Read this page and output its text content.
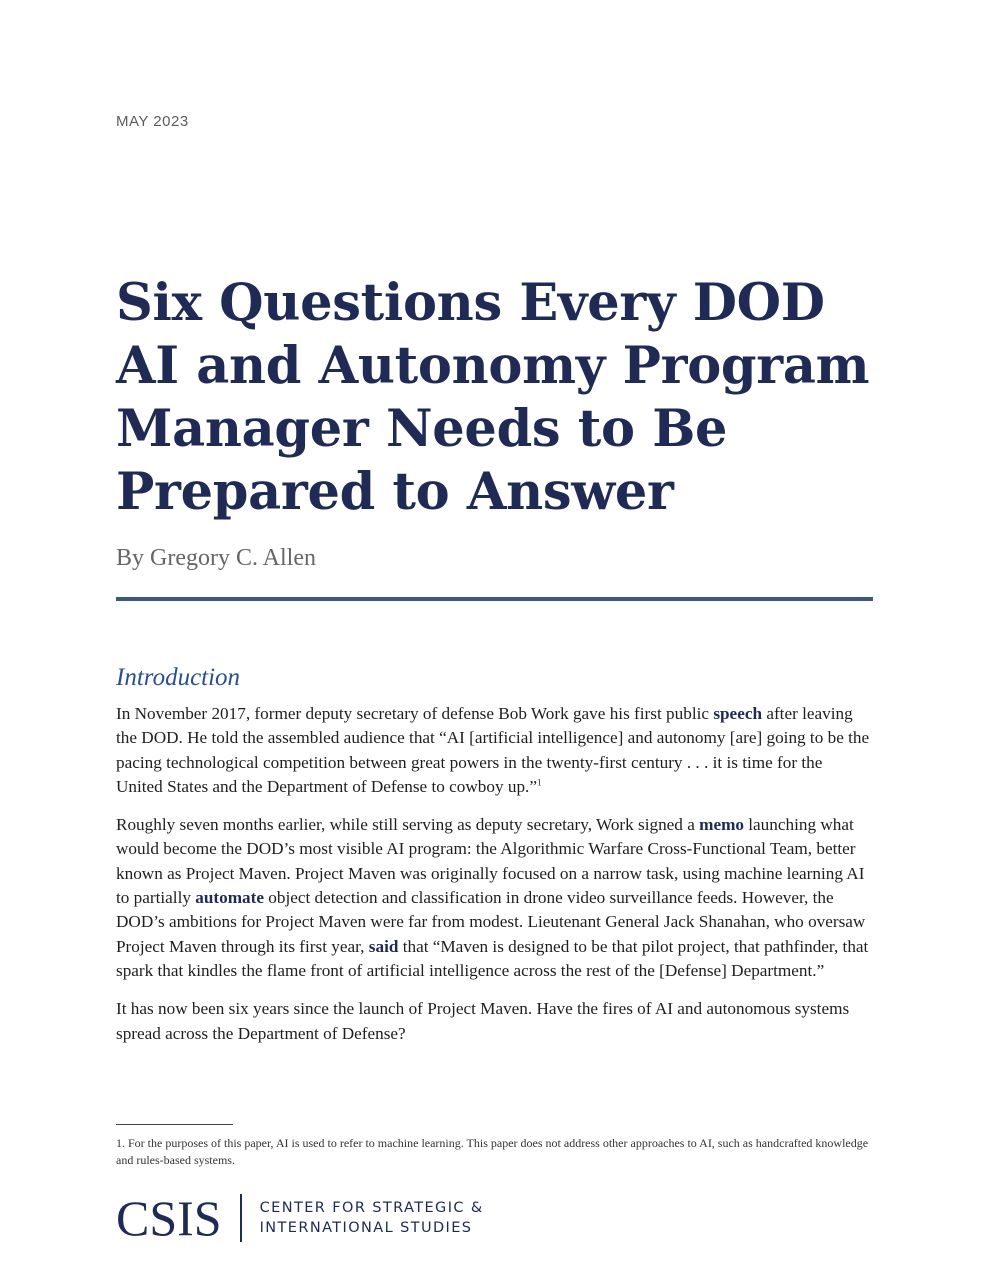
MAY 2023
Six Questions Every DOD
AI and Autonomy Program
Manager Needs to Be
Prepared to Answer
By Gregory C. Allen
Introduction

In November 2017, former deputy secretary of defense Bob Work gave his first public speech after leaving the DOD. He told the assembled audience that “AI [artificial intelligence] and autonomy [are] going to be the pacing technological competition between great powers in the twenty-first century . . . it is time for the United States and the Department of Defense to cowboy up.”$^1$

Roughly seven months earlier, while still serving as deputy secretary, Work signed a memo launching what would become the DOD’s most visible AI program: the Algorithmic Warfare Cross-Functional Team, better known as Project Maven. Project Maven was originally focused on a narrow task, using machine learning AI to partially automate object detection and classification in drone video surveillance feeds. However, the DOD’s ambitions for Project Maven were far from modest. Lieutenant General Jack Shanahan, who oversaw Project Maven through its first year, said that “Maven is designed to be that pilot project, that pathfinder, that spark that kindles the flame front of artificial intelligence across the rest of the [Defense] Department.”

It has now been six years since the launch of Project Maven. Have the fires of AI and autonomous systems spread across the Department of Defense?

1. For the purposes of this paper, AI is used to refer to machine learning. This paper does not address other approaches to AI, such as handcrafted knowledge and rules-based systems.
CSIS	CENTER FOR STRATEGIC &
INTERNATIONAL STUDIES
